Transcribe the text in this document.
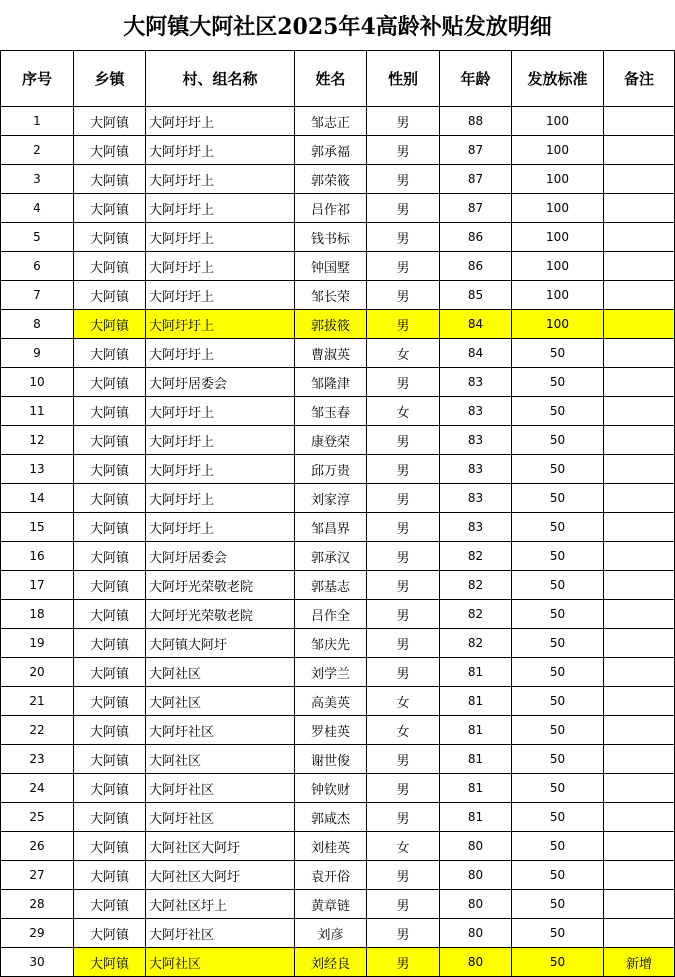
大阿镇大阿社区2025年4高龄补贴发放明细
序号	乡镇	村、组名称	姓名	性别	年龄	发放标准	备注
1	大阿镇	大阿圩圩上	邹志正	男	88	100	
2	大阿镇	大阿圩圩上	郭承福	男	87	100	
3	大阿镇	大阿圩圩上	郭荣筱	男	87	100	
4	大阿镇	大阿圩圩上	吕作祁	男	87	100	
5	大阿镇	大阿圩圩上	钱书标	男	86	100	
6	大阿镇	大阿圩圩上	钟国墅	男	86	100	
7	大阿镇	大阿圩圩上	邹长荣	男	85	100	
8	大阿镇	大阿圩圩上	郭拔筱	男	84	100	
9	大阿镇	大阿圩圩上	曹淑英	女	84	50	
10	大阿镇	大阿圩居委会	邹隆津	男	83	50	
11	大阿镇	大阿圩圩上	邹玉春	女	83	50	
12	大阿镇	大阿圩圩上	康登荣	男	83	50	
13	大阿镇	大阿圩圩上	邱万贵	男	83	50	
14	大阿镇	大阿圩圩上	刘家淳	男	83	50	
15	大阿镇	大阿圩圩上	邹昌界	男	83	50	
16	大阿镇	大阿圩居委会	郭承汉	男	82	50	
17	大阿镇	大阿圩光荣敬老院	郭基志	男	82	50	
18	大阿镇	大阿圩光荣敬老院	吕作全	男	82	50	
19	大阿镇	大阿镇大阿圩	邹庆先	男	82	50	
20	大阿镇	大阿社区	刘学兰	男	81	50	
21	大阿镇	大阿社区	高美英	女	81	50	
22	大阿镇	大阿圩社区	罗桂英	女	81	50	
23	大阿镇	大阿社区	谢世俊	男	81	50	
24	大阿镇	大阿圩社区	钟钦财	男	81	50	
25	大阿镇	大阿圩社区	郭咸杰	男	81	50	
26	大阿镇	大阿社区大阿圩	刘桂英	女	80	50	
27	大阿镇	大阿社区大阿圩	袁开俗	男	80	50	
28	大阿镇	大阿社区圩上	黄章链	男	80	50	
29	大阿镇	大阿圩社区	刘彦	男	80	50	
30	大阿镇	大阿社区	刘经良	男	80	50	新增
